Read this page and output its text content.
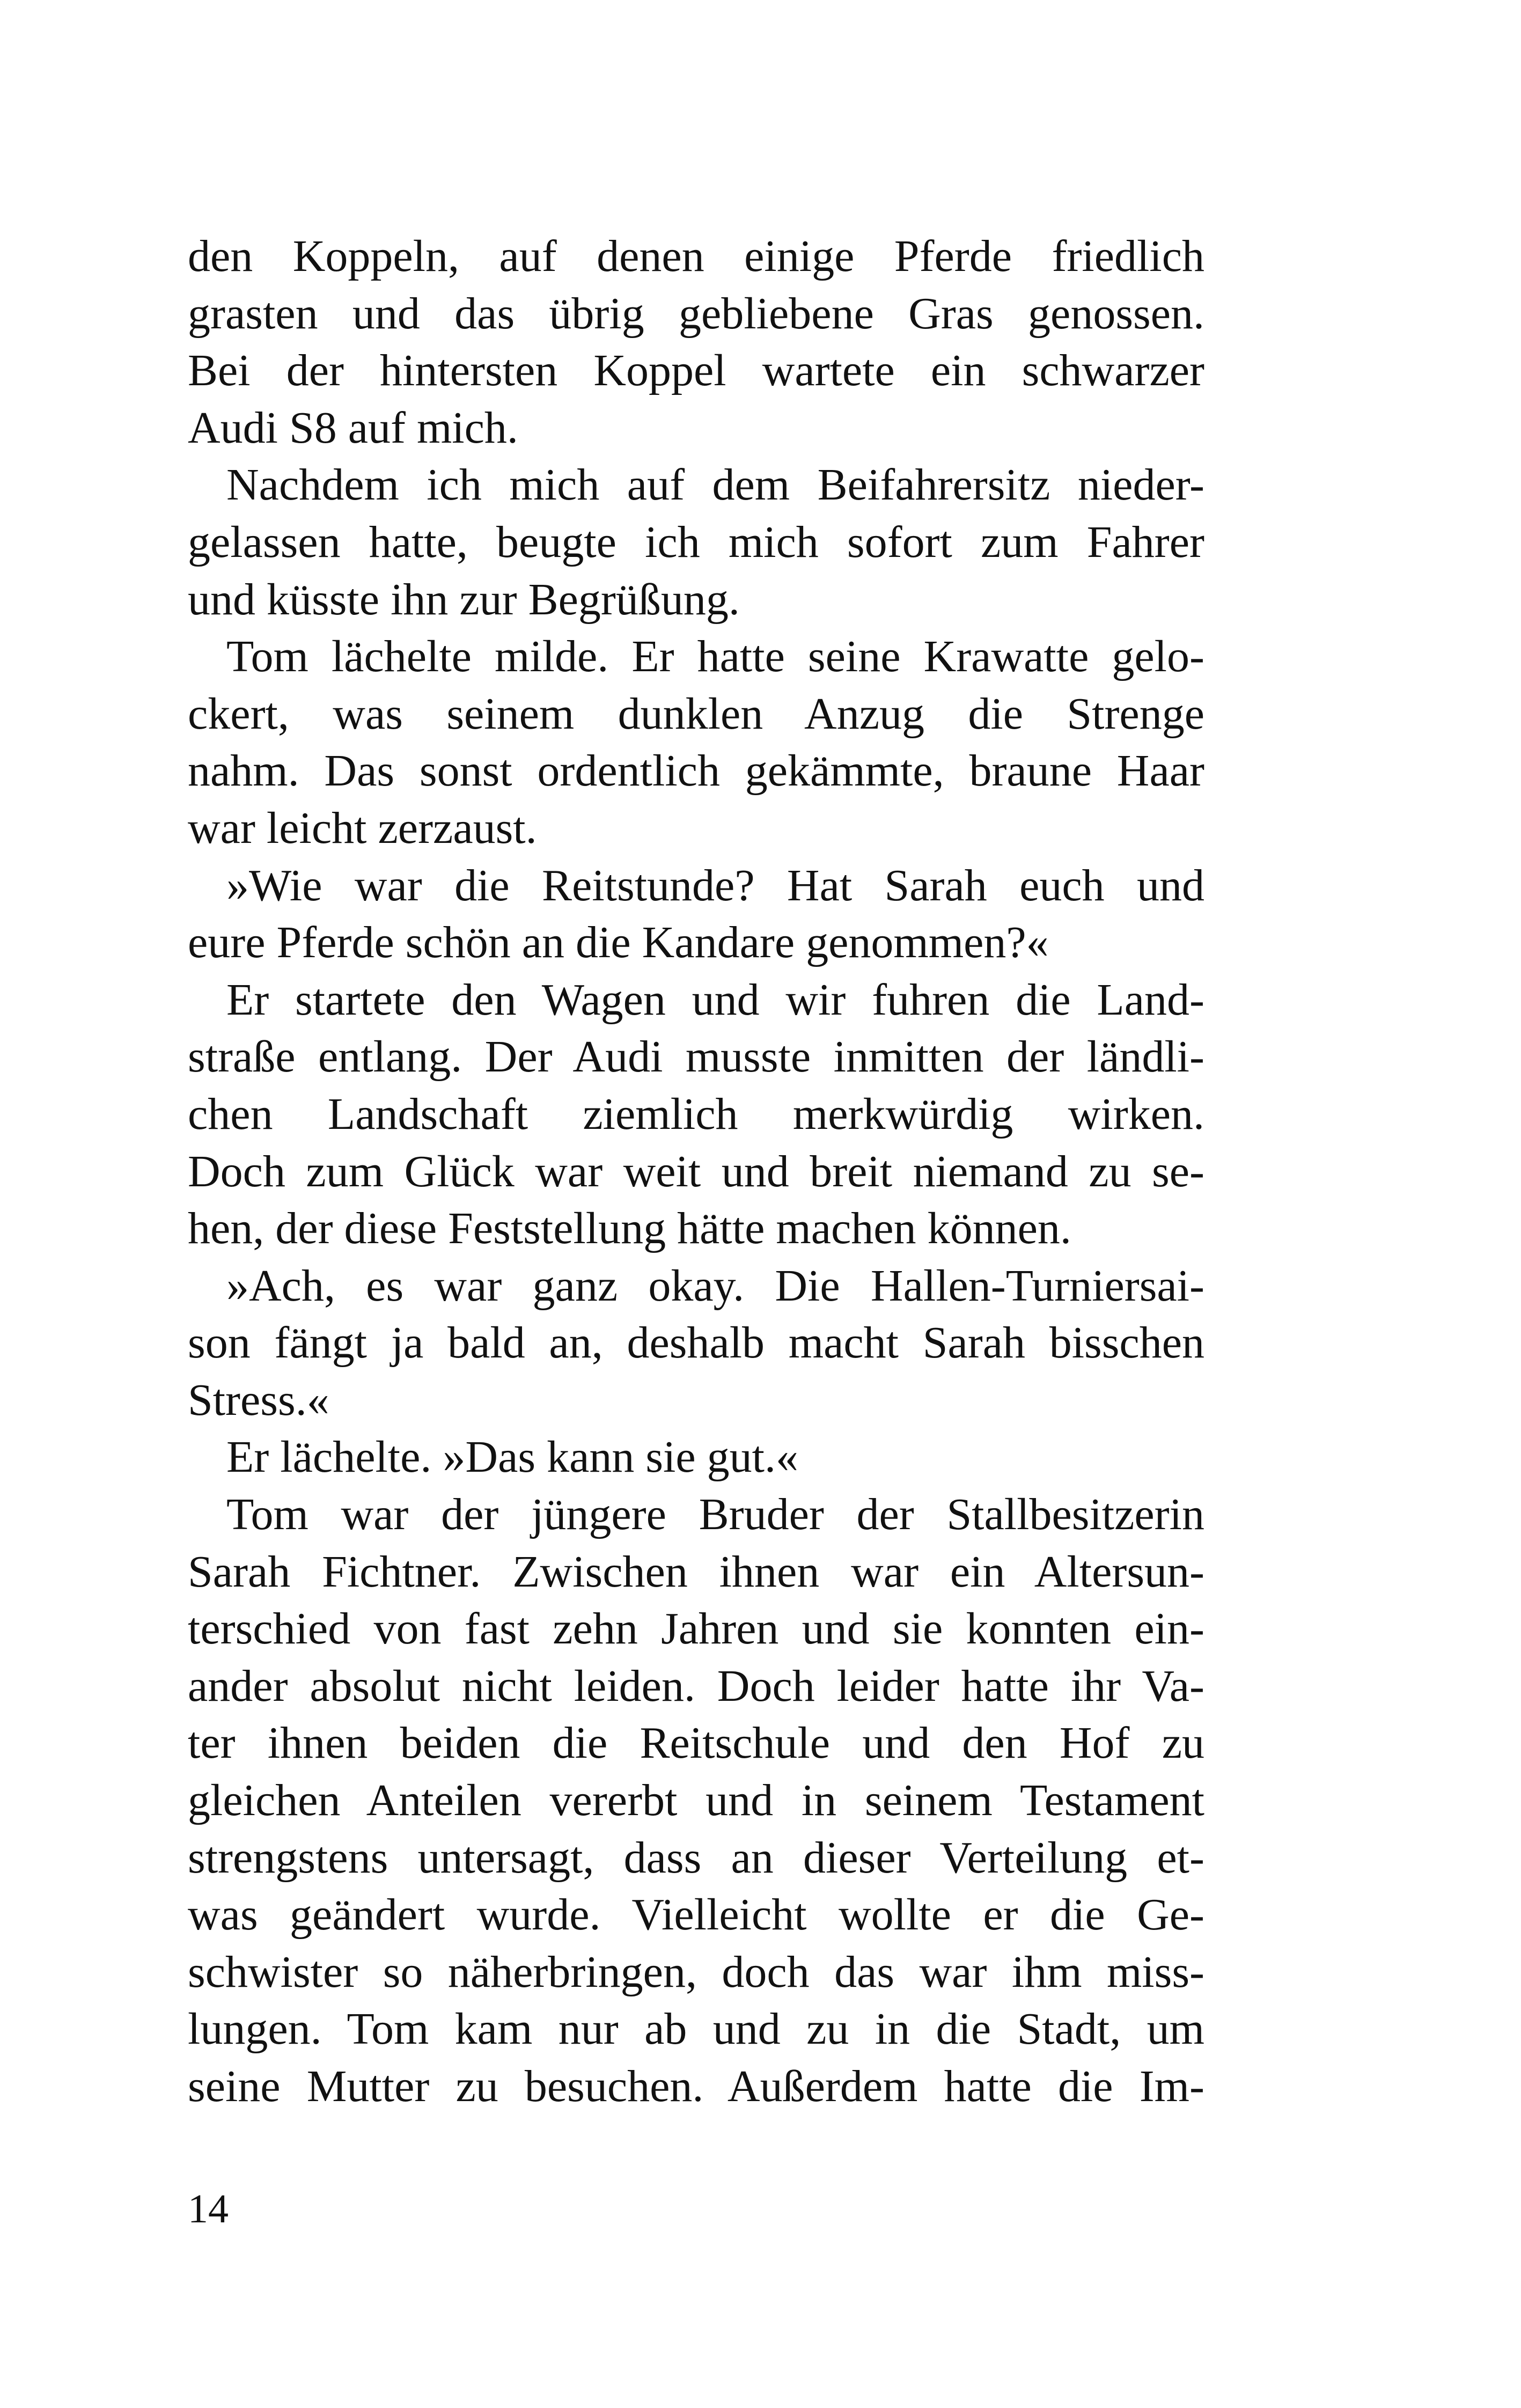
den Koppeln, auf denen einige Pferde friedlich
grasten und das übrig gebliebene Gras genossen.
Bei der hintersten Koppel wartete ein schwarzer
Audi S8 auf mich.
Nachdem ich mich auf dem Beifahrersitz nieder-
gelassen hatte, beugte ich mich sofort zum Fahrer
und küsste ihn zur Begrüßung.
Tom lächelte milde. Er hatte seine Krawatte gelo-
ckert, was seinem dunklen Anzug die Strenge
nahm. Das sonst ordentlich gekämmte, braune Haar
war leicht zerzaust.
»Wie war die Reitstunde? Hat Sarah euch und
eure Pferde schön an die Kandare genommen?«
Er startete den Wagen und wir fuhren die Land-
straße entlang. Der Audi musste inmitten der ländli-
chen Landschaft ziemlich merkwürdig wirken.
Doch zum Glück war weit und breit niemand zu se-
hen, der diese Feststellung hätte machen können.
»Ach, es war ganz okay. Die Hallen-Turniersai-
son fängt ja bald an, deshalb macht Sarah bisschen
Stress.«
Er lächelte. »Das kann sie gut.«
Tom war der jüngere Bruder der Stallbesitzerin
Sarah Fichtner. Zwischen ihnen war ein Altersun-
terschied von fast zehn Jahren und sie konnten ein-
ander absolut nicht leiden. Doch leider hatte ihr Va-
ter ihnen beiden die Reitschule und den Hof zu
gleichen Anteilen vererbt und in seinem Testament
strengstens untersagt, dass an dieser Verteilung et-
was geändert wurde. Vielleicht wollte er die Ge-
schwister so näherbringen, doch das war ihm miss-
lungen. Tom kam nur ab und zu in die Stadt, um
seine Mutter zu besuchen. Außerdem hatte die Im-
14
